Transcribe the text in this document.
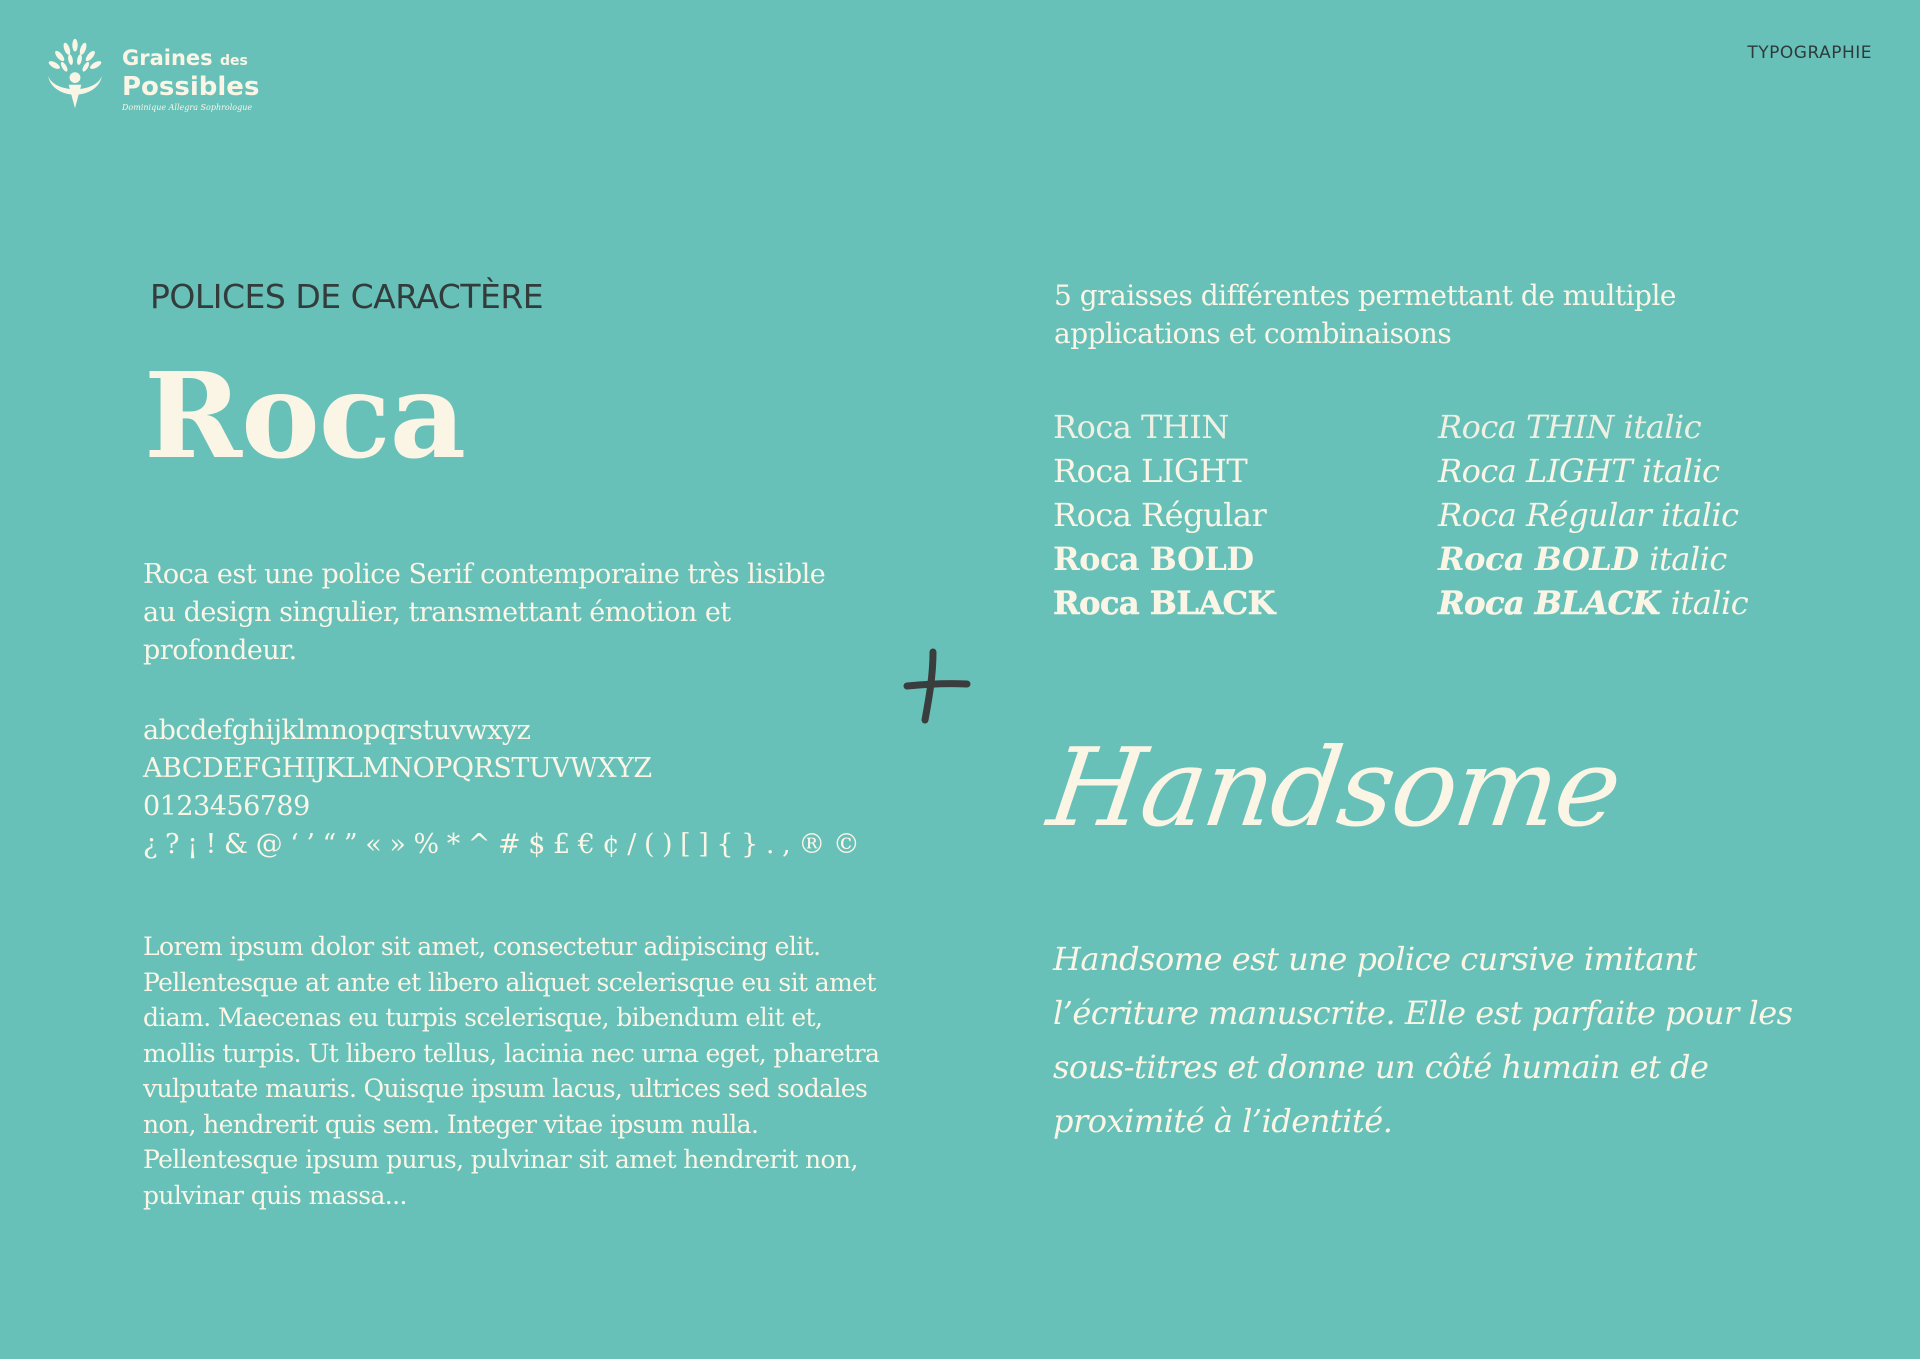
Graines des
Possibles
Dominique Allegra Sophrologue
TYPOGRAPHIE
POLICES DE CARACTÈRE
Roca
Roca est une police Serif contemporaine très lisible au design singulier, transmettant émotion et profondeur.
abcdefghijklmnopqrstuvwxyz
ABCDEFGHIJKLMNOPQRSTUVWXYZ
0123456789
¿ ? ¡ ! & @ ‘ ’ “ ” « » % * ^ # $ £ € ¢ / ( ) [ ] { } . , ® ©
Lorem ipsum dolor sit amet, consectetur adipiscing elit. Pellentesque at ante et libero aliquet scelerisque eu sit amet diam. Maecenas eu turpis scelerisque, bibendum elit et, mollis turpis. Ut libero tellus, lacinia nec urna eget, pharetra vulputate mauris. Quisque ipsum lacus, ultrices sed sodales non, hendrerit quis sem. Integer vitae ipsum nulla. Pellentesque ipsum purus, pulvinar sit amet hendrerit non, pulvinar quis massa...
5 graisses différentes permettant de multiple applications et combinaisons
Roca THIN
Roca LIGHT
Roca Régular
Roca BOLD
Roca BLACK
Roca THIN italic
Roca LIGHT italic
Roca Régular italic
Roca BOLD italic
Roca BLACK italic
Handsome
Handsome est une police cursive imitant l’écriture manuscrite. Elle est parfaite pour les sous-titres et donne un côté humain et de proximité à l’identité.
